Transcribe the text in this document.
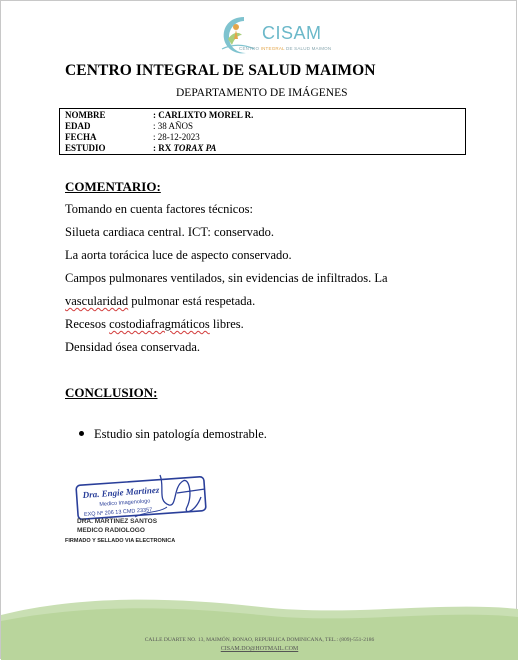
CISAM
CENTRO INTEGRAL DE SALUD MAIMON
CENTRO INTEGRAL DE SALUD MAIMON
DEPARTAMENTO DE IMÁGENES
NOMBRE	: CARLIXTO MOREL R.
EDAD	: 38 AÑOS
FECHA	: 28-12-2023
ESTUDIO	: RX TORAX PA
COMENTARIO:
Tomando en cuenta factores técnicos:
Silueta cardiaca central. ICT: conservado.
La aorta torácica luce de aspecto conservado.
Campos pulmonares ventilados, sin evidencias de infiltrados. La
vascularidad pulmonar está respetada.
Recesos costodiafragmáticos libres.
Densidad ósea conservada.
CONCLUSION:
Estudio sin patología demostrable.
Dra. Engie Martinez
Medico Imagenologo
EXQ Nº 206 13 CMD 23357
DRA. MARTINEZ SANTOS
MEDICO RADIOLOGO
FIRMADO Y SELLADO VIA ELECTRONICA
CALLE DUARTE NO. 13, MAIMÓN, BONAO, REPUBLICA DOMINICANA, TEL.: (809)-551-2186
CISAM.DO@HOTMAIL.COM
